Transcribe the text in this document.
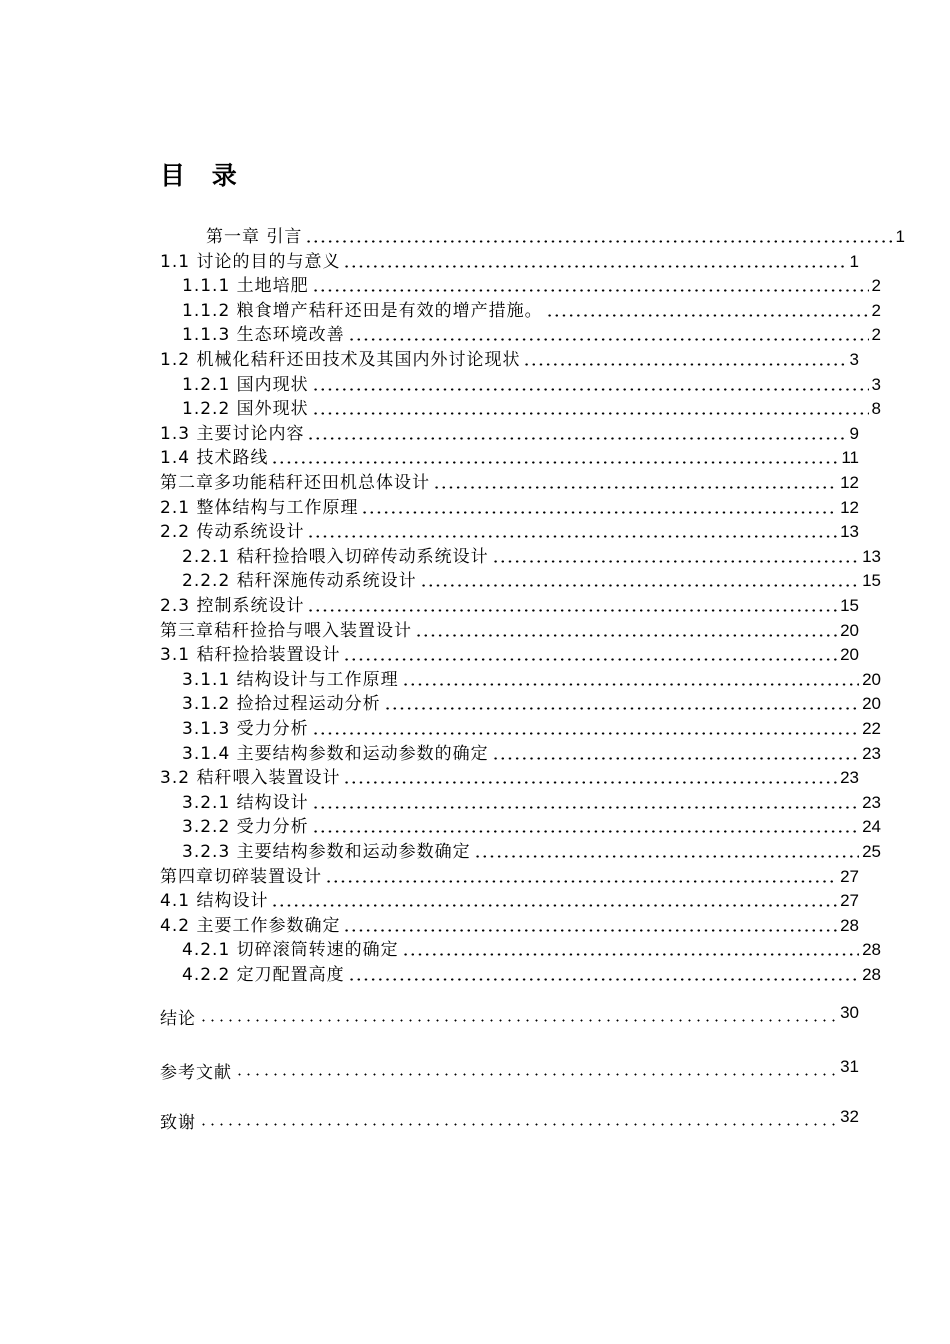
目 录
第一章 引言	1
1.1 讨论的目的与意义	1
1.1.1 土地培肥	2
1.1.2 粮食增产秸秆还田是有效的增产措施。	2
1.1.3 生态环境改善	2
1.2 机械化秸秆还田技术及其国内外讨论现状	3
1.2.1 国内现状	3
1.2.2 国外现状	8
1.3 主要讨论内容	9
1.4 技术路线	11
第二章多功能秸秆还田机总体设计	12
2.1 整体结构与工作原理	12
2.2 传动系统设计	13
2.2.1 秸秆捡拾喂入切碎传动系统设计	13
2.2.2 秸秆深施传动系统设计	15
2.3 控制系统设计	15
第三章秸秆捡拾与喂入装置设计	20
3.1 秸秆捡拾装置设计	20
3.1.1 结构设计与工作原理	20
3.1.2 捡拾过程运动分析	20
3.1.3 受力分析	22
3.1.4 主要结构参数和运动参数的确定	23
3.2 秸秆喂入装置设计	23
3.2.1 结构设计	23
3.2.2 受力分析	24
3.2.3 主要结构参数和运动参数确定	25
第四章切碎装置设计	27
4.1 结构设计	27
4.2 主要工作参数确定	28
4.2.1 切碎滚筒转速的确定	28
4.2.2 定刀配置高度	28
结论	30
参考文献	31
致谢	32
